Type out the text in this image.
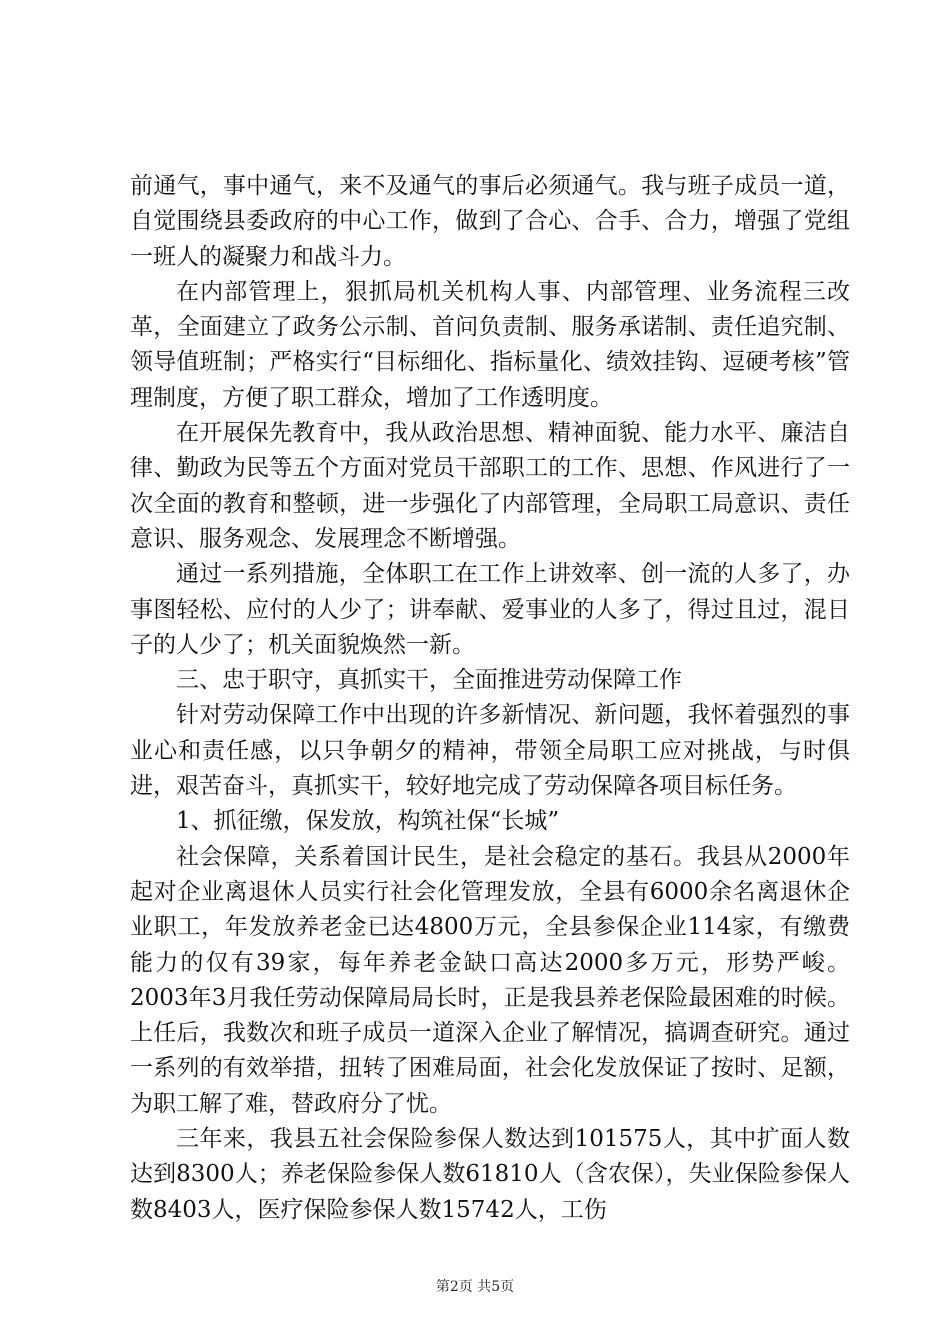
前通气，事中通气，来不及通气的事后必须通气。我与班子成员一道，自觉围绕县委政府的中心工作，做到了合心、合手、合力，增强了党组一班人的凝聚力和战斗力。

在内部管理上，狠抓局机关机构人事、内部管理、业务流程三改革，全面建立了政务公示制、首问负责制、服务承诺制、责任追究制、领导值班制；严格实行“目标细化、指标量化、绩效挂钩、逗硬考核”管理制度，方便了职工群众，增加了工作透明度。

在开展保先教育中，我从政治思想、精神面貌、能力水平、廉洁自律、勤政为民等五个方面对党员干部职工的工作、思想、作风进行了一次全面的教育和整顿，进一步强化了内部管理，全局职工局意识、责任意识、服务观念、发展理念不断增强。

通过一系列措施，全体职工在工作上讲效率、创一流的人多了，办事图轻松、应付的人少了；讲奉献、爱事业的人多了，得过且过，混日子的人少了；机关面貌焕然一新。

三、忠于职守，真抓实干，全面推进劳动保障工作

针对劳动保障工作中出现的许多新情况、新问题，我怀着强烈的事业心和责任感，以只争朝夕的精神，带领全局职工应对挑战，与时俱进，艰苦奋斗，真抓实干，较好地完成了劳动保障各项目标任务。

1、抓征缴，保发放，构筑社保“长城”

社会保障，关系着国计民生，是社会稳定的基石。我县从2000年起对企业离退休人员实行社会化管理发放，全县有6000余名离退休企业职工，年发放养老金已达4800万元，全县参保企业114家，有缴费能力的仅有39家，每年养老金缺口高达2000多万元，形势严峻。2003年3月我任劳动保障局局长时，正是我县养老保险最困难的时候。上任后，我数次和班子成员一道深入企业了解情况，搞调查研究。通过一系列的有效举措，扭转了困难局面，社会化发放保证了按时、足额，为职工解了难，替政府分了忧。

三年来，我县五社会保险参保人数达到101575人，其中扩面人数达到8300人；养老保险参保人数61810人（含农保），失业保险参保人数8403人，医疗保险参保人数15742人，工伤

第2页 共5页
